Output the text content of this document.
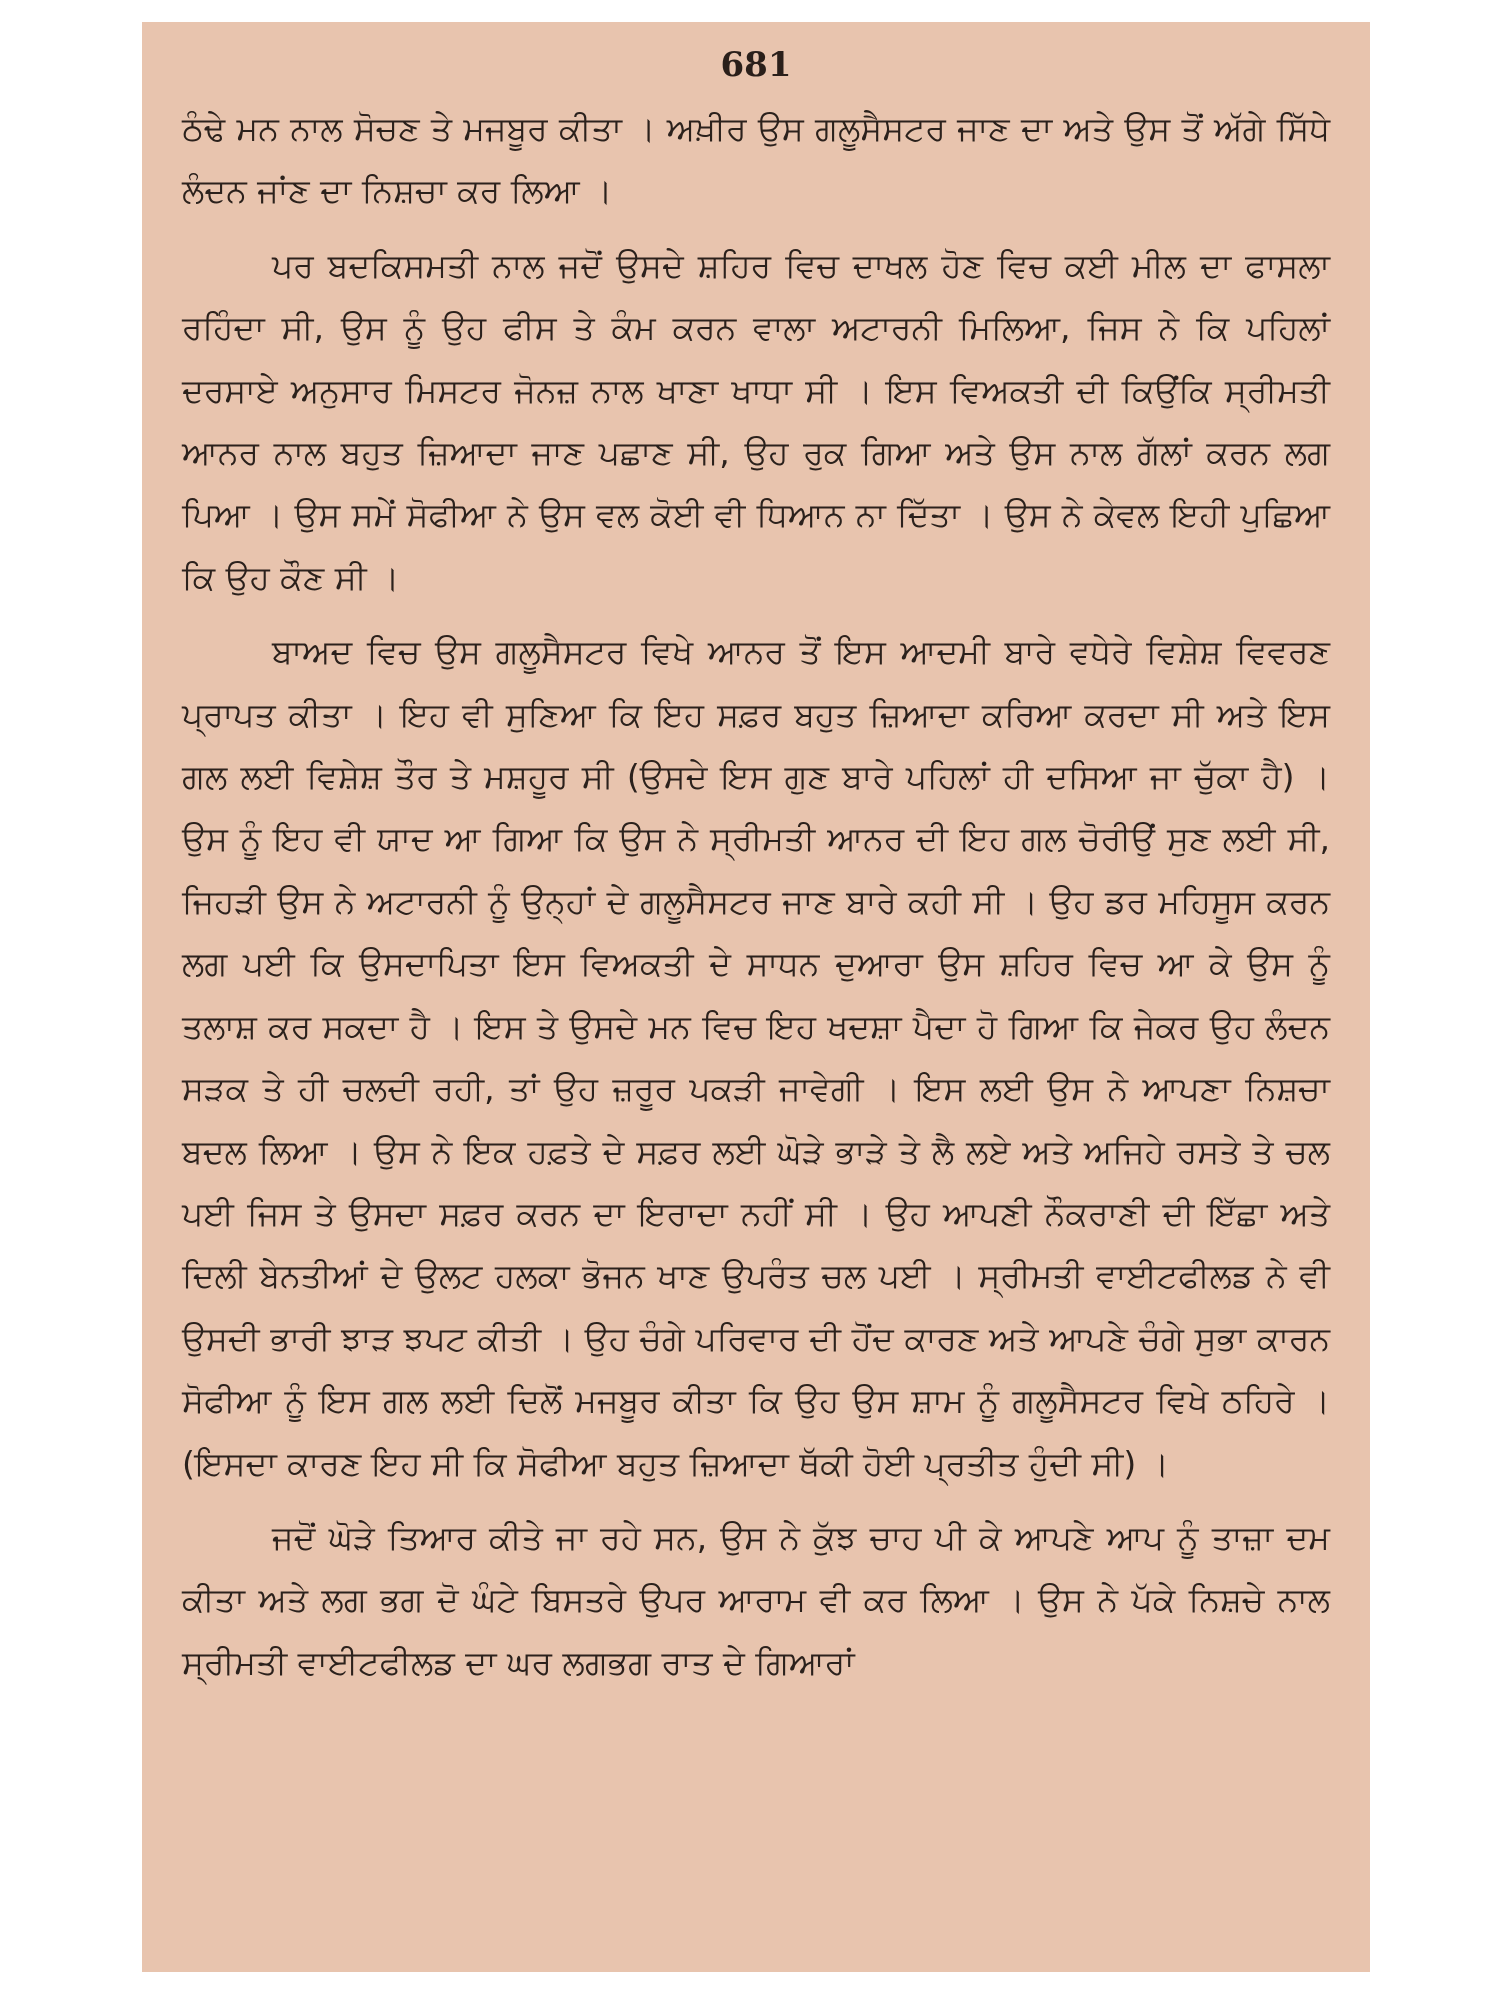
681

ਠੰਢੇ ਮਨ ਨਾਲ ਸੋਚਣ ਤੇ ਮਜਬੂਰ ਕੀਤਾ । ਅਖ਼ੀਰ ਉਸ ਗਲੂਸੈਸਟਰ ਜਾਣ ਦਾ ਅਤੇ ਉਸ ਤੋਂ ਅੱਗੇ ਸਿੱਧੇ ਲੰਦਨ ਜਾਂਣ ਦਾ ਨਿਸ਼ਚਾ ਕਰ ਲਿਆ ।

ਪਰ ਬਦਕਿਸਮਤੀ ਨਾਲ ਜਦੋਂ ਉਸਦੇ ਸ਼ਹਿਰ ਵਿਚ ਦਾਖਲ ਹੋਣ ਵਿਚ ਕਈ ਮੀਲ ਦਾ ਫਾਸਲਾ ਰਹਿੰਦਾ ਸੀ, ਉਸ ਨੂੰ ਉਹ ਫੀਸ ਤੇ ਕੰਮ ਕਰਨ ਵਾਲਾ ਅਟਾਰਨੀ ਮਿਲਿਆ, ਜਿਸ ਨੇ ਕਿ ਪਹਿਲਾਂ ਦਰਸਾਏ ਅਨੁਸਾਰ ਮਿਸਟਰ ਜੋਨਜ਼ ਨਾਲ ਖਾਣਾ ਖਾਧਾ ਸੀ । ਇਸ ਵਿਅਕਤੀ ਦੀ ਕਿਉਂਕਿ ਸ੍ਰੀਮਤੀ ਆਨਰ ਨਾਲ ਬਹੁਤ ਜ਼ਿਆਦਾ ਜਾਣ ਪਛਾਣ ਸੀ, ਉਹ ਰੁਕ ਗਿਆ ਅਤੇ ਉਸ ਨਾਲ ਗੱਲਾਂ ਕਰਨ ਲਗ ਪਿਆ । ਉਸ ਸਮੇਂ ਸੋਫੀਆ ਨੇ ਉਸ ਵਲ ਕੋਈ ਵੀ ਧਿਆਨ ਨਾ ਦਿੱਤਾ । ਉਸ ਨੇ ਕੇਵਲ ਇਹੀ ਪੁਛਿਆ ਕਿ ਉਹ ਕੌਣ ਸੀ ।

ਬਾਅਦ ਵਿਚ ਉਸ ਗਲੂਸੈਸਟਰ ਵਿਖੇ ਆਨਰ ਤੋਂ ਇਸ ਆਦਮੀ ਬਾਰੇ ਵਧੇਰੇ ਵਿਸ਼ੇਸ਼ ਵਿਵਰਣ ਪ੍ਰਾਪਤ ਕੀਤਾ । ਇਹ ਵੀ ਸੁਣਿਆ ਕਿ ਇਹ ਸਫ਼ਰ ਬਹੁਤ ਜ਼ਿਆਦਾ ਕਰਿਆ ਕਰਦਾ ਸੀ ਅਤੇ ਇਸ ਗਲ ਲਈ ਵਿਸ਼ੇਸ਼ ਤੌਰ ਤੇ ਮਸ਼ਹੂਰ ਸੀ (ਉਸਦੇ ਇਸ ਗੁਣ ਬਾਰੇ ਪਹਿਲਾਂ ਹੀ ਦਸਿਆ ਜਾ ਚੁੱਕਾ ਹੈ) । ਉਸ ਨੂੰ ਇਹ ਵੀ ਯਾਦ ਆ ਗਿਆ ਕਿ ਉਸ ਨੇ ਸ੍ਰੀਮਤੀ ਆਨਰ ਦੀ ਇਹ ਗਲ ਚੋਰੀਉਂ ਸੁਣ ਲਈ ਸੀ, ਜਿਹੜੀ ਉਸ ਨੇ ਅਟਾਰਨੀ ਨੂੰ ਉਨ੍ਹਾਂ ਦੇ ਗਲੂਸੈਸਟਰ ਜਾਣ ਬਾਰੇ ਕਹੀ ਸੀ । ਉਹ ਡਰ ਮਹਿਸੂਸ ਕਰਨ ਲਗ ਪਈ ਕਿ ਉਸਦਾਪਿਤਾ ਇਸ ਵਿਅਕਤੀ ਦੇ ਸਾਧਨ ਦੁਆਰਾ ਉਸ ਸ਼ਹਿਰ ਵਿਚ ਆ ਕੇ ਉਸ ਨੂੰ ਤਲਾਸ਼ ਕਰ ਸਕਦਾ ਹੈ । ਇਸ ਤੇ ਉਸਦੇ ਮਨ ਵਿਚ ਇਹ ਖਦਸ਼ਾ ਪੈਦਾ ਹੋ ਗਿਆ ਕਿ ਜੇਕਰ ਉਹ ਲੰਦਨ ਸੜਕ ਤੇ ਹੀ ਚਲਦੀ ਰਹੀ, ਤਾਂ ਉਹ ਜ਼ਰੂਰ ਪਕੜੀ ਜਾਵੇਗੀ । ਇਸ ਲਈ ਉਸ ਨੇ ਆਪਣਾ ਨਿਸ਼ਚਾ ਬਦਲ ਲਿਆ । ਉਸ ਨੇ ਇਕ ਹਫ਼ਤੇ ਦੇ ਸਫ਼ਰ ਲਈ ਘੋੜੇ ਭਾੜੇ ਤੇ ਲੈ ਲਏ ਅਤੇ ਅਜਿਹੇ ਰਸਤੇ ਤੇ ਚਲ ਪਈ ਜਿਸ ਤੇ ਉਸਦਾ ਸਫ਼ਰ ਕਰਨ ਦਾ ਇਰਾਦਾ ਨਹੀਂ ਸੀ । ਉਹ ਆਪਣੀ ਨੌਕਰਾਣੀ ਦੀ ਇੱਛਾ ਅਤੇ ਦਿਲੀ ਬੇਨਤੀਆਂ ਦੇ ਉਲਟ ਹਲਕਾ ਭੋਜਨ ਖਾਣ ਉਪਰੰਤ ਚਲ ਪਈ । ਸ੍ਰੀਮਤੀ ਵਾਈਟਫੀਲਡ ਨੇ ਵੀ ਉਸਦੀ ਭਾਰੀ ਝਾੜ ਝਪਟ ਕੀਤੀ । ਉਹ ਚੰਗੇ ਪਰਿਵਾਰ ਦੀ ਹੋਂਦ ਕਾਰਣ ਅਤੇ ਆਪਣੇ ਚੰਗੇ ਸੁਭਾ ਕਾਰਨ ਸੋਫੀਆ ਨੂੰ ਇਸ ਗਲ ਲਈ ਦਿਲੋਂ ਮਜਬੂਰ ਕੀਤਾ ਕਿ ਉਹ ਉਸ ਸ਼ਾਮ ਨੂੰ ਗਲੂਸੈਸਟਰ ਵਿਖੇ ਠਹਿਰੇ । (ਇਸਦਾ ਕਾਰਣ ਇਹ ਸੀ ਕਿ ਸੋਫੀਆ ਬਹੁਤ ਜ਼ਿਆਦਾ ਥੱਕੀ ਹੋਈ ਪ੍ਰਤੀਤ ਹੁੰਦੀ ਸੀ) ।

ਜਦੋਂ ਘੋੜੇ ਤਿਆਰ ਕੀਤੇ ਜਾ ਰਹੇ ਸਨ, ਉਸ ਨੇ ਕੁੱਝ ਚਾਹ ਪੀ ਕੇ ਆਪਣੇ ਆਪ ਨੂੰ ਤਾਜ਼ਾ ਦਮ ਕੀਤਾ ਅਤੇ ਲਗ ਭਗ ਦੋ ਘੰਟੇ ਬਿਸਤਰੇ ਉਪਰ ਆਰਾਮ ਵੀ ਕਰ ਲਿਆ । ਉਸ ਨੇ ਪੱਕੇ ਨਿਸ਼ਚੇ ਨਾਲ ਸ੍ਰੀਮਤੀ ਵਾਈਟਫੀਲਡ ਦਾ ਘਰ ਲਗਭਗ ਰਾਤ ਦੇ ਗਿਆਰਾਂ
